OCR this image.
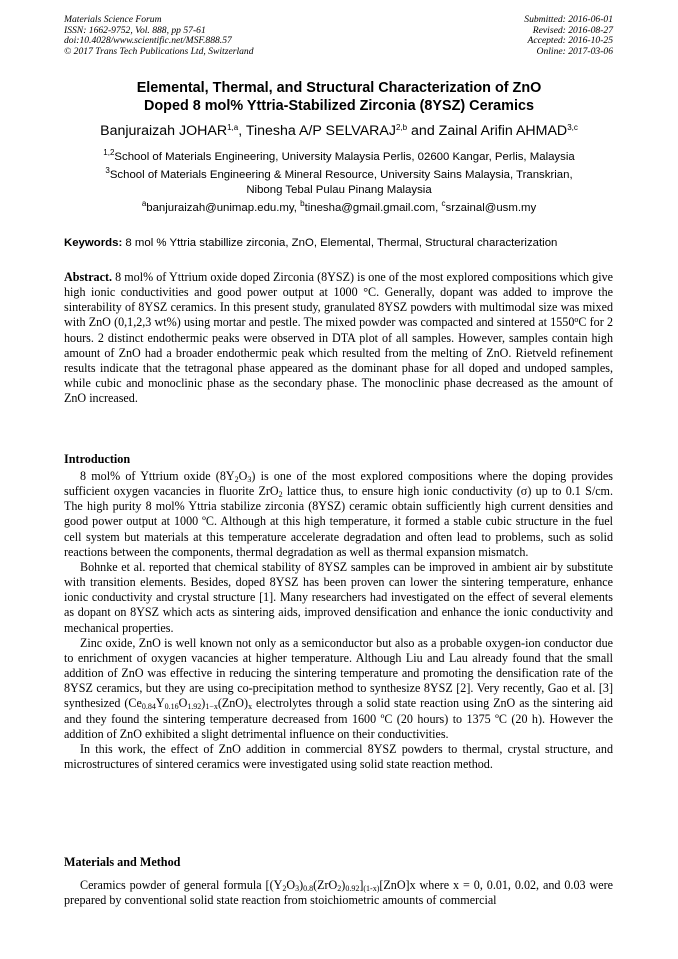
Materials Science Forum
ISSN: 1662-9752, Vol. 888, pp 57-61
doi:10.4028/www.scientific.net/MSF.888.57
© 2017 Trans Tech Publications Ltd, Switzerland
Submitted: 2016-06-01
Revised: 2016-08-27
Accepted: 2016-10-25
Online: 2017-03-06
Elemental, Thermal, and Structural Characterization of ZnO
Doped 8 mol% Yttria-Stabilized Zirconia (8YSZ) Ceramics
Banjuraizah JOHAR$^{1,a}$, Tinesha A/P SELVARAJ$^{2,b}$ and Zainal Arifin AHMAD$^{3,c}$
$^{1,2}$School of Materials Engineering, University Malaysia Perlis, 02600 Kangar, Perlis, Malaysia
$^3$School of Materials Engineering & Mineral Resource, University Sains Malaysia, Transkrian,
Nibong Tebal Pulau Pinang Malaysia
$^a$banjuraizah@unimap.edu.my, $^b$tinesha@gmail.gmail.com, $^c$srzainal@usm.my
Keywords: 8 mol % Yttria stabillize zirconia, ZnO, Elemental, Thermal, Structural characterization

Abstract. 8 mol% of Yttrium oxide doped Zirconia (8YSZ) is one of the most explored compositions which give high ionic conductivities and good power output at 1000 °C. Generally, dopant was added to improve the sinterability of 8YSZ ceramics. In this present study, granulated 8YSZ powders with multimodal size was mixed with ZnO (0,1,2,3 wt%) using mortar and pestle. The mixed powder was compacted and sintered at 1550$^o$C for 2 hours. 2 distinct endothermic peaks were observed in DTA plot of all samples. However, samples contain high amount of ZnO had a broader endothermic peak which resulted from the melting of ZnO. Rietveld refinement results indicate that the tetragonal phase appeared as the dominant phase for all doped and undoped samples, while cubic and monoclinic phase as the secondary phase. The monoclinic phase decreased as the amount of ZnO increased.

Introduction

8 mol% of Yttrium oxide $(8Y_2O_3)$ is one of the most explored compositions where the doping provides sufficient oxygen vacancies in fluorite ZrO$_2$ lattice thus, to ensure high ionic conductivity (σ) up to 0.1 S/cm. The high purity 8 mol% Yttria stabilize zirconia (8YSZ) ceramic obtain sufficiently high current densities and good power output at 1000 ºC. Although at this high temperature, it formed a stable cubic structure in the fuel cell system but materials at this temperature accelerate degradation and often lead to problems, such as solid reactions between the components, thermal degradation as well as thermal expansion mismatch.

Bohnke et al. reported that chemical stability of 8YSZ samples can be improved in ambient air by substitute with transition elements. Besides, doped 8YSZ has been proven can lower the sintering temperature, enhance ionic conductivity and crystal structure [1]. Many researchers had investigated on the effect of several elements as dopant on 8YSZ which acts as sintering aids, improved densification and enhance the ionic conductivity and mechanical properties.

Zinc oxide, ZnO is well known not only as a semiconductor but also as a probable oxygen-ion conductor due to enrichment of oxygen vacancies at higher temperature. Although Liu and Lau already found that the small addition of ZnO was effective in reducing the sintering temperature and promoting the densification rate of the 8YSZ ceramics, but they are using co-precipitation method to synthesize 8YSZ [2]. Very recently, Gao et al. [3] synthesized $(Ce_{0.84}Y_{0.16}O_{1.92})_{1-x}(ZnO)_x$ electrolytes through a solid state reaction using ZnO as the sintering aid and they found the sintering temperature decreased from 1600 ºC (20 hours) to 1375 ºC (20 h). However the addition of ZnO exhibited a slight detrimental influence on their conductivities.

In this work, the effect of ZnO addition in commercial 8YSZ powders to thermal, crystal structure, and microstructures of sintered ceramics were investigated using solid state reaction method.

Materials and Method

Ceramics powder of general formula $[(Y_2O_3)_{0.8}(ZrO_2)_{0.92}]_{(1-x)}[ZnO]x$ where x = 0, 0.01, 0.02, and 0.03 were prepared by conventional solid state reaction from stoichiometric amounts of commercial
